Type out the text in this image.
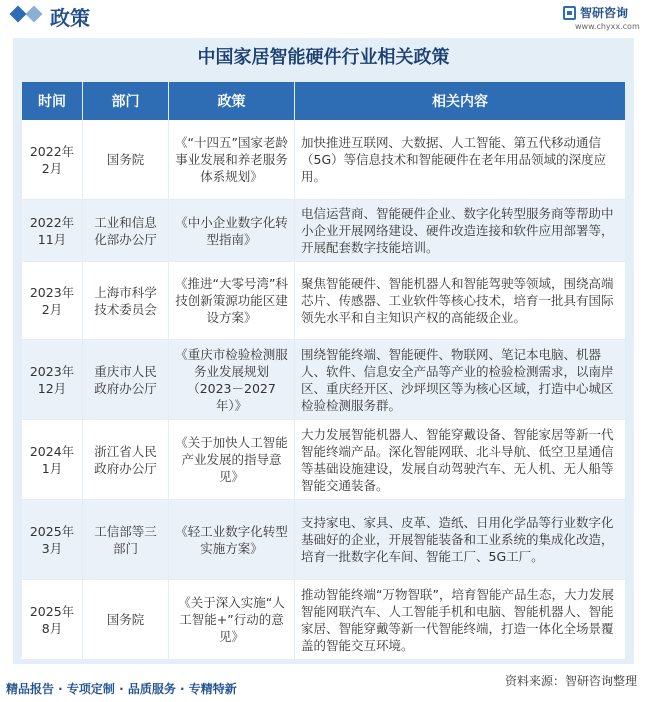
政策	智研咨询
www.chyxx.com
中国家居智能硬件行业相关政策
时间	部门	政策	相关内容
2022年2月	国务院	《“十四五”国家老龄事业发展和养老服务体系规划》	加快推进互联网、大数据、人工智能、第五代移动通信（5G）等信息技术和智能硬件在老年用品领域的深度应用。
2022年11月	工业和信息化部办公厅	《中小企业数字化转型指南》	电信运营商、智能硬件企业、数字化转型服务商等帮助中小企业开展网络建设、硬件改造连接和软件应用部署等，开展配套数字技能培训。
2023年2月	上海市科学技术委员会	《推进“大零号湾”科技创新策源功能区建设方案》	聚焦智能硬件、智能机器人和智能驾驶等领域，围绕高端芯片、传感器、工业软件等核心技术，培育一批具有国际领先水平和自主知识产权的高能级企业。
2023年12月	重庆市人民政府办公厅	《重庆市检验检测服务业发展规划（2023－2027年）》	围绕智能终端、智能硬件、物联网、笔记本电脑、机器人、软件、信息安全产品等产业的检验检测需求，以南岸区、重庆经开区、沙坪坝区等为核心区域，打造中心城区检验检测服务群。
2024年1月	浙江省人民政府办公厅	《关于加快人工智能产业发展的指导意见》	大力发展智能机器人、智能穿戴设备、智能家居等新一代智能终端产品。深化智能网联、北斗导航、低空卫星通信等基础设施建设，发展自动驾驶汽车、无人机、无人船等智能交通装备。
2025年3月	工信部等三部门	《轻工业数字化转型实施方案》	支持家电、家具、皮革、造纸、日用化学品等行业数字化基础好的企业，开展智能装备和工业系统的集成化改造，培育一批数字化车间、智能工厂、5G工厂。
2025年8月	国务院	《关于深入实施“人工智能+”行动的意见》	推动智能终端“万物智联”，培育智能产品生态，大力发展智能网联汽车、人工智能手机和电脑、智能机器人、智能家居、智能穿戴等新一代智能终端，打造一体化全场景覆盖的智能交互环境。
精品报告 · 专项定制 · 品质服务 · 专精特新
资料来源：智研咨询整理
